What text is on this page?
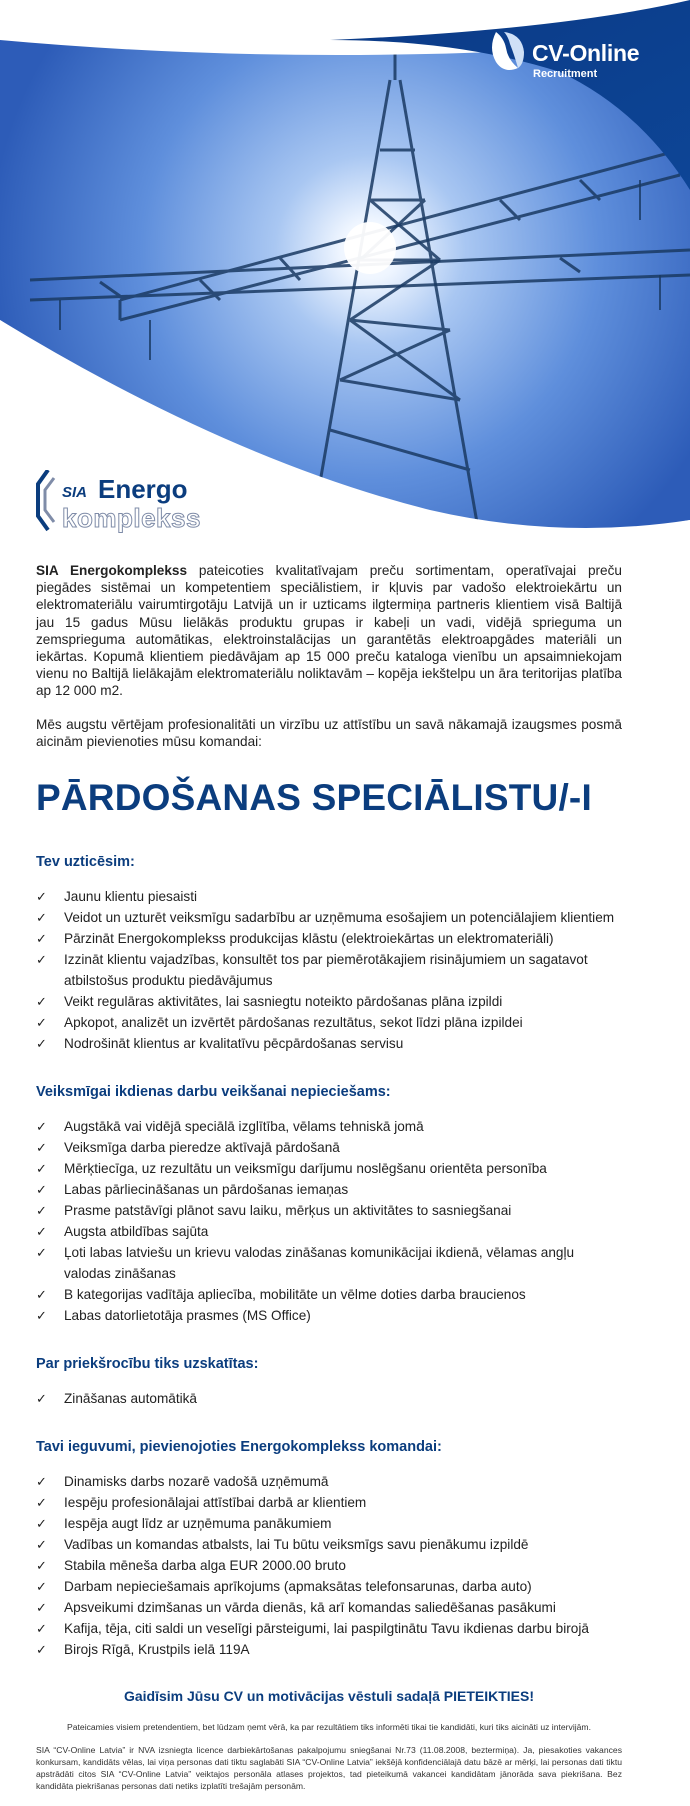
CV-Online
Recruitment
SIA Energo
komplekss

SIA Energokomplekss pateicoties kvalitatīvajam preču sortimentam, operatīvajai preču piegādes sistēmai un kompetentiem speciālistiem, ir kļuvis par vadošo elektroiekārtu un elektromateriālu vairumtirgotāju Latvijā un ir uzticams ilgtermiņa partneris klientiem visā Baltijā jau 15 gadus Mūsu lielākās produktu grupas ir kabeļi un vadi, vidējā sprieguma un zemsprieguma automātikas, elektroinstalācijas un garantētās elektroapgādes materiāli un iekārtas. Kopumā klientiem piedāvājam ap 15 000 preču kataloga vienību un apsaimniekojam vienu no Baltijā lielākajām elektromateriālu noliktavām – kopēja iekštelpu un āra teritorijas platība ap 12 000 m2.

Mēs augstu vērtējam profesionalitāti un virzību uz attīstību un savā nākamajā izaugsmes posmā aicinām pievienoties mūsu komandai:

PĀRDOŠANAS SPECIĀLISTU/-I
Tev uzticēsim:
✓	Jaunu klientu piesaisti
✓	Veidot un uzturēt veiksmīgu sadarbību ar uzņēmuma esošajiem un potenciālajiem klientiem
✓	Pārzināt Energokomplekss produkcijas klāstu (elektroiekārtas un elektromateriāli)
✓	Izzināt klientu vajadzības, konsultēt tos par piemērotākajiem risinājumiem un sagatavot atbilstošus produktu piedāvājumus
✓	Veikt regulāras aktivitātes, lai sasniegtu noteikto pārdošanas plāna izpildi
✓	Apkopot, analizēt un izvērtēt pārdošanas rezultātus, sekot līdzi plāna izpildei
✓	Nodrošināt klientus ar kvalitatīvu pēcpārdošanas servisu
Veiksmīgai ikdienas darbu veikšanai nepieciešams:
✓	Augstākā vai vidējā speciālā izglītība, vēlams tehniskā jomā
✓	Veiksmīga darba pieredze aktīvajā pārdošanā
✓	Mērķtiecīga, uz rezultātu un veiksmīgu darījumu noslēgšanu orientēta personība
✓	Labas pārliecināšanas un pārdošanas iemaņas
✓	Prasme patstāvīgi plānot savu laiku, mērķus un aktivitātes to sasniegšanai
✓	Augsta atbildības sajūta
✓	Ļoti labas latviešu un krievu valodas zināšanas komunikācijai ikdienā, vēlamas angļu valodas zināšanas
✓	B kategorijas vadītāja apliecība, mobilitāte un vēlme doties darba braucienos
✓	Labas datorlietotāja prasmes (MS Office)
Par priekšrocību tiks uzskatītas:
✓	Zināšanas automātikā
Tavi ieguvumi, pievienojoties Energokomplekss komandai:
✓	Dinamisks darbs nozarē vadošā uzņēmumā
✓	Iespēju profesionālajai attīstībai darbā ar klientiem
✓	Iespēja augt līdz ar uzņēmuma panākumiem
✓	Vadības un komandas atbalsts, lai Tu būtu veiksmīgs savu pienākumu izpildē
✓	Stabila mēneša darba alga EUR 2000.00 bruto
✓	Darbam nepieciešamais aprīkojums (apmaksātas telefonsarunas, darba auto)
✓	Apsveikumi dzimšanas un vārda dienās, kā arī komandas saliedēšanas pasākumi
✓	Kafija, tēja, citi saldi un veselīgi pārsteigumi, lai paspilgtinātu Tavu ikdienas darbu birojā
✓	Birojs Rīgā, Krustpils ielā 119A

Gaidīsim Jūsu CV un motivācijas vēstuli sadaļā PIETEIKTIES!

Pateicamies visiem pretendentiem, bet lūdzam ņemt vērā, ka par rezultātiem tiks informēti tikai tie kandidāti, kuri tiks aicināti uz intervijām.

SIA “CV-Online Latvia” ir NVA izsniegta licence darbiekārtošanas pakalpojumu sniegšanai Nr.73 (11.08.2008, beztermiņa). Ja, piesakoties vakances konkursam, kandidāts vēlas, lai viņa personas dati tiktu saglabāti SIA “CV-Online Latvia” iekšējā konfidenciālajā datu bāzē ar mērķi, lai personas dati tiktu apstrādāti citos SIA “CV-Online Latvia” veiktajos personāla atlases projektos, tad pieteikumā vakancei kandidātam jānorāda sava piekrišana. Bez kandidāta piekrišanas personas dati netiks izplatīti trešajām personām.
